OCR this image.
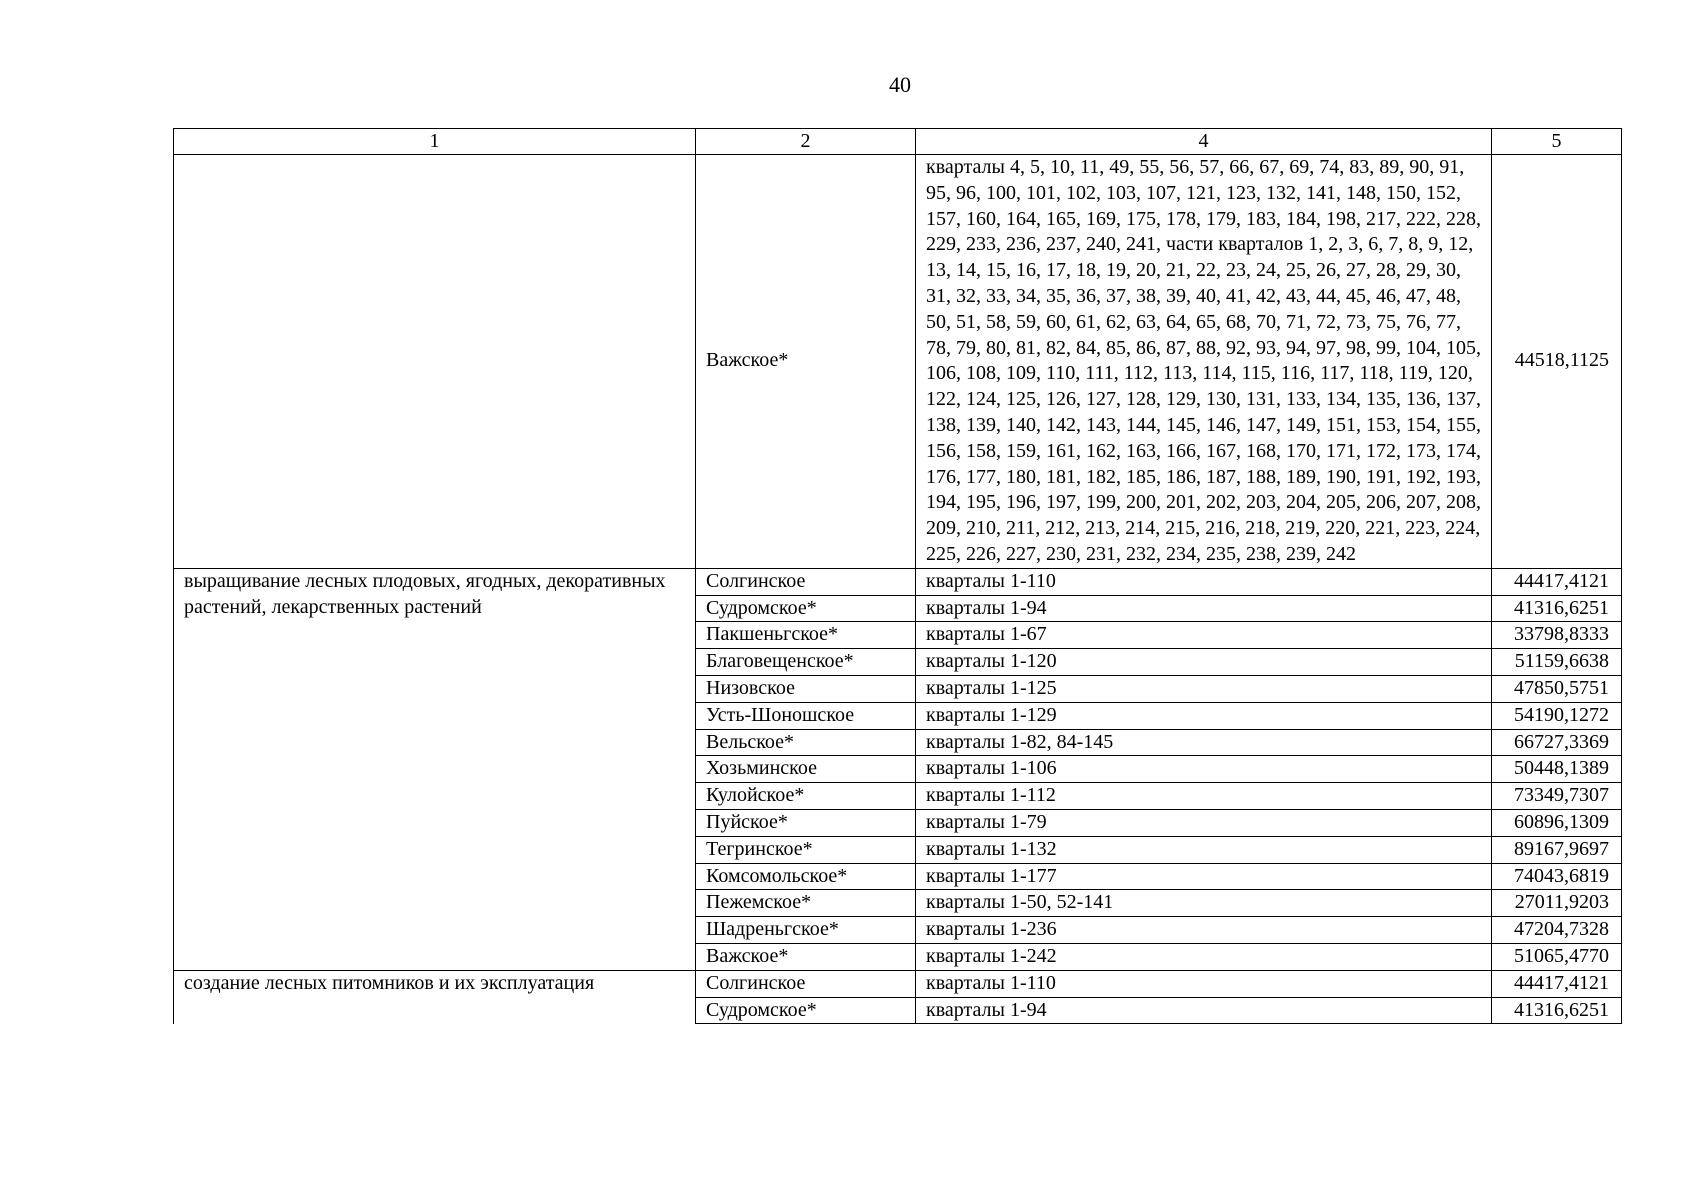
40
1	2	4	5
	Важское*	кварталы 4, 5, 10, 11, 49, 55, 56, 57, 66, 67, 69, 74, 83, 89, 90, 91, 95, 96, 100, 101, 102, 103, 107, 121, 123, 132, 141, 148, 150, 152, 157, 160, 164, 165, 169, 175, 178, 179, 183, 184, 198, 217, 222, 228, 229, 233, 236, 237, 240, 241, части кварталов 1, 2, 3, 6, 7, 8, 9, 12, 13, 14, 15, 16, 17, 18, 19, 20, 21, 22, 23, 24, 25, 26, 27, 28, 29, 30, 31, 32, 33, 34, 35, 36, 37, 38, 39, 40, 41, 42, 43, 44, 45, 46, 47, 48, 50, 51, 58, 59, 60, 61, 62, 63, 64, 65, 68, 70, 71, 72, 73, 75, 76, 77, 78, 79, 80, 81, 82, 84, 85, 86, 87, 88, 92, 93, 94, 97, 98, 99, 104, 105, 106, 108, 109, 110, 111, 112, 113, 114, 115, 116, 117, 118, 119, 120, 122, 124, 125, 126, 127, 128, 129, 130, 131, 133, 134, 135, 136, 137, 138, 139, 140, 142, 143, 144, 145, 146, 147, 149, 151, 153, 154, 155, 156, 158, 159, 161, 162, 163, 166, 167, 168, 170, 171, 172, 173, 174, 176, 177, 180, 181, 182, 185, 186, 187, 188, 189, 190, 191, 192, 193, 194, 195, 196, 197, 199, 200, 201, 202, 203, 204, 205, 206, 207, 208, 209, 210, 211, 212, 213, 214, 215, 216, 218, 219, 220, 221, 223, 224, 225, 226, 227, 230, 231, 232, 234, 235, 238, 239, 242	44518,1125
выращивание лесных плодовых, ягодных, декоративных растений, лекарственных растений	Солгинское	кварталы 1-110	44417,4121
	Судромское*	кварталы 1-94	41316,6251
	Пакшеньгское*	кварталы 1-67	33798,8333
	Благовещенское*	кварталы 1-120	51159,6638
	Низовское	кварталы 1-125	47850,5751
	Усть-Шоношское	кварталы 1-129	54190,1272
	Вельское*	кварталы 1-82, 84-145	66727,3369
	Хозьминское	кварталы 1-106	50448,1389
	Кулойское*	кварталы 1-112	73349,7307
	Пуйское*	кварталы 1-79	60896,1309
	Тегринское*	кварталы 1-132	89167,9697
	Комсомольское*	кварталы 1-177	74043,6819
	Пежемское*	кварталы 1-50, 52-141	27011,9203
	Шадреньгское*	кварталы 1-236	47204,7328
	Важское*	кварталы 1-242	51065,4770
создание лесных питомников и их эксплуатация	Солгинское	кварталы 1-110	44417,4121
	Судромское*	кварталы 1-94	41316,6251
